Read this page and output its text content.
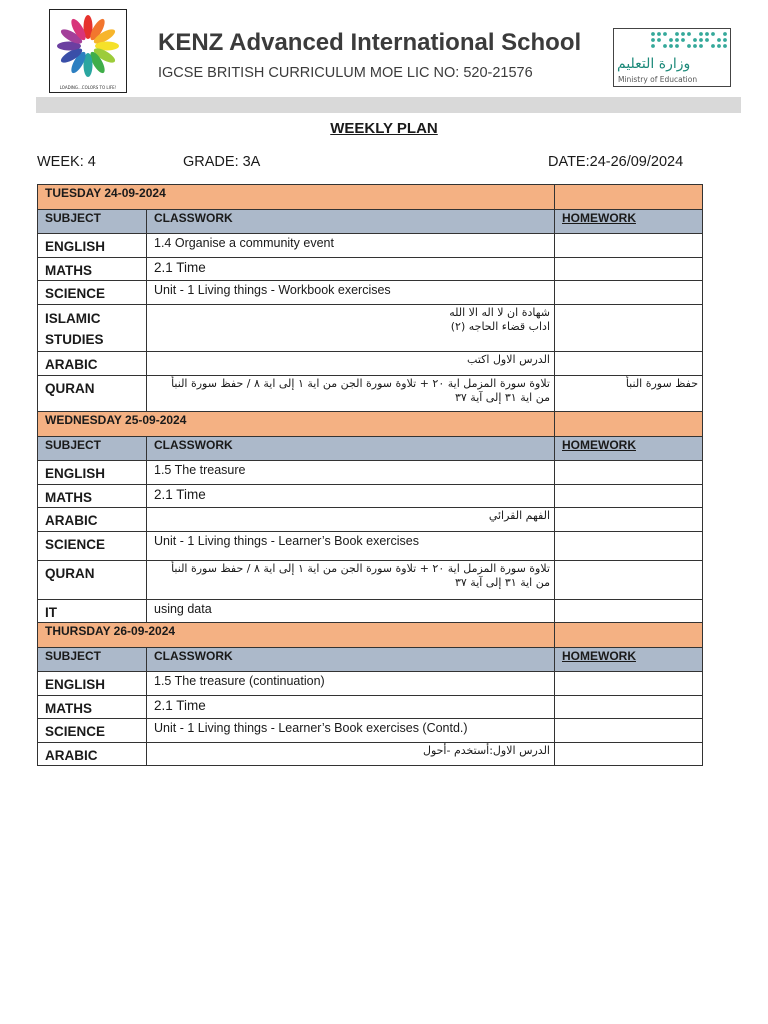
LOADING...COLORS TO LIFE!
KENZ Advanced International School
IGCSE BRITISH CURRICULUM MOE LIC NO: 520-21576
وزارة التعليم
Ministry of Education
WEEKLY PLAN
WEEK: 4	GRADE: 3A	DATE:24-26/09/2024
TUESDAY 24-09-2024		
SUBJECT	CLASSWORK	HOMEWORK
ENGLISH	1.4 Organise a community event	
MATHS	2.1 Time	
SCIENCE	Unit - 1 Living things - Workbook exercises	
ISLAMIC STUDIES	شهادة ان لا اله الا الله
اداب قضاء الحاجه (٢)	
ARABIC	الدرس الاول اكتب	
QURAN	تلاوة سورة المزمل اية ٢٠ + تلاوة سورة الجن من اية ١ إلى اية ٨ / حفظ سورة النبأ من اية ٣١ إلى آية ٣٧	حفظ سورة النبأ
WEDNESDAY 25-09-2024		
SUBJECT	CLASSWORK	HOMEWORK
ENGLISH	1.5 The treasure	
MATHS	2.1 Time	
ARABIC	الفهم القرائي	
SCIENCE	Unit - 1 Living things - Learner’s Book exercises	
QURAN	تلاوة سورة المزمل اية ٢٠ + تلاوة سورة الجن من اية ١ إلى اية ٨ / حفظ سورة النبأ من اية ٣١ إلى آية ٣٧	
IT	using data	
THURSDAY 26-09-2024		
SUBJECT	CLASSWORK	HOMEWORK
ENGLISH	1.5 The treasure (continuation)	
MATHS	2.1 Time	
SCIENCE	Unit - 1 Living things - Learner’s Book exercises (Contd.)	
ARABIC	الدرس الاول:أستخدم -أحول	
